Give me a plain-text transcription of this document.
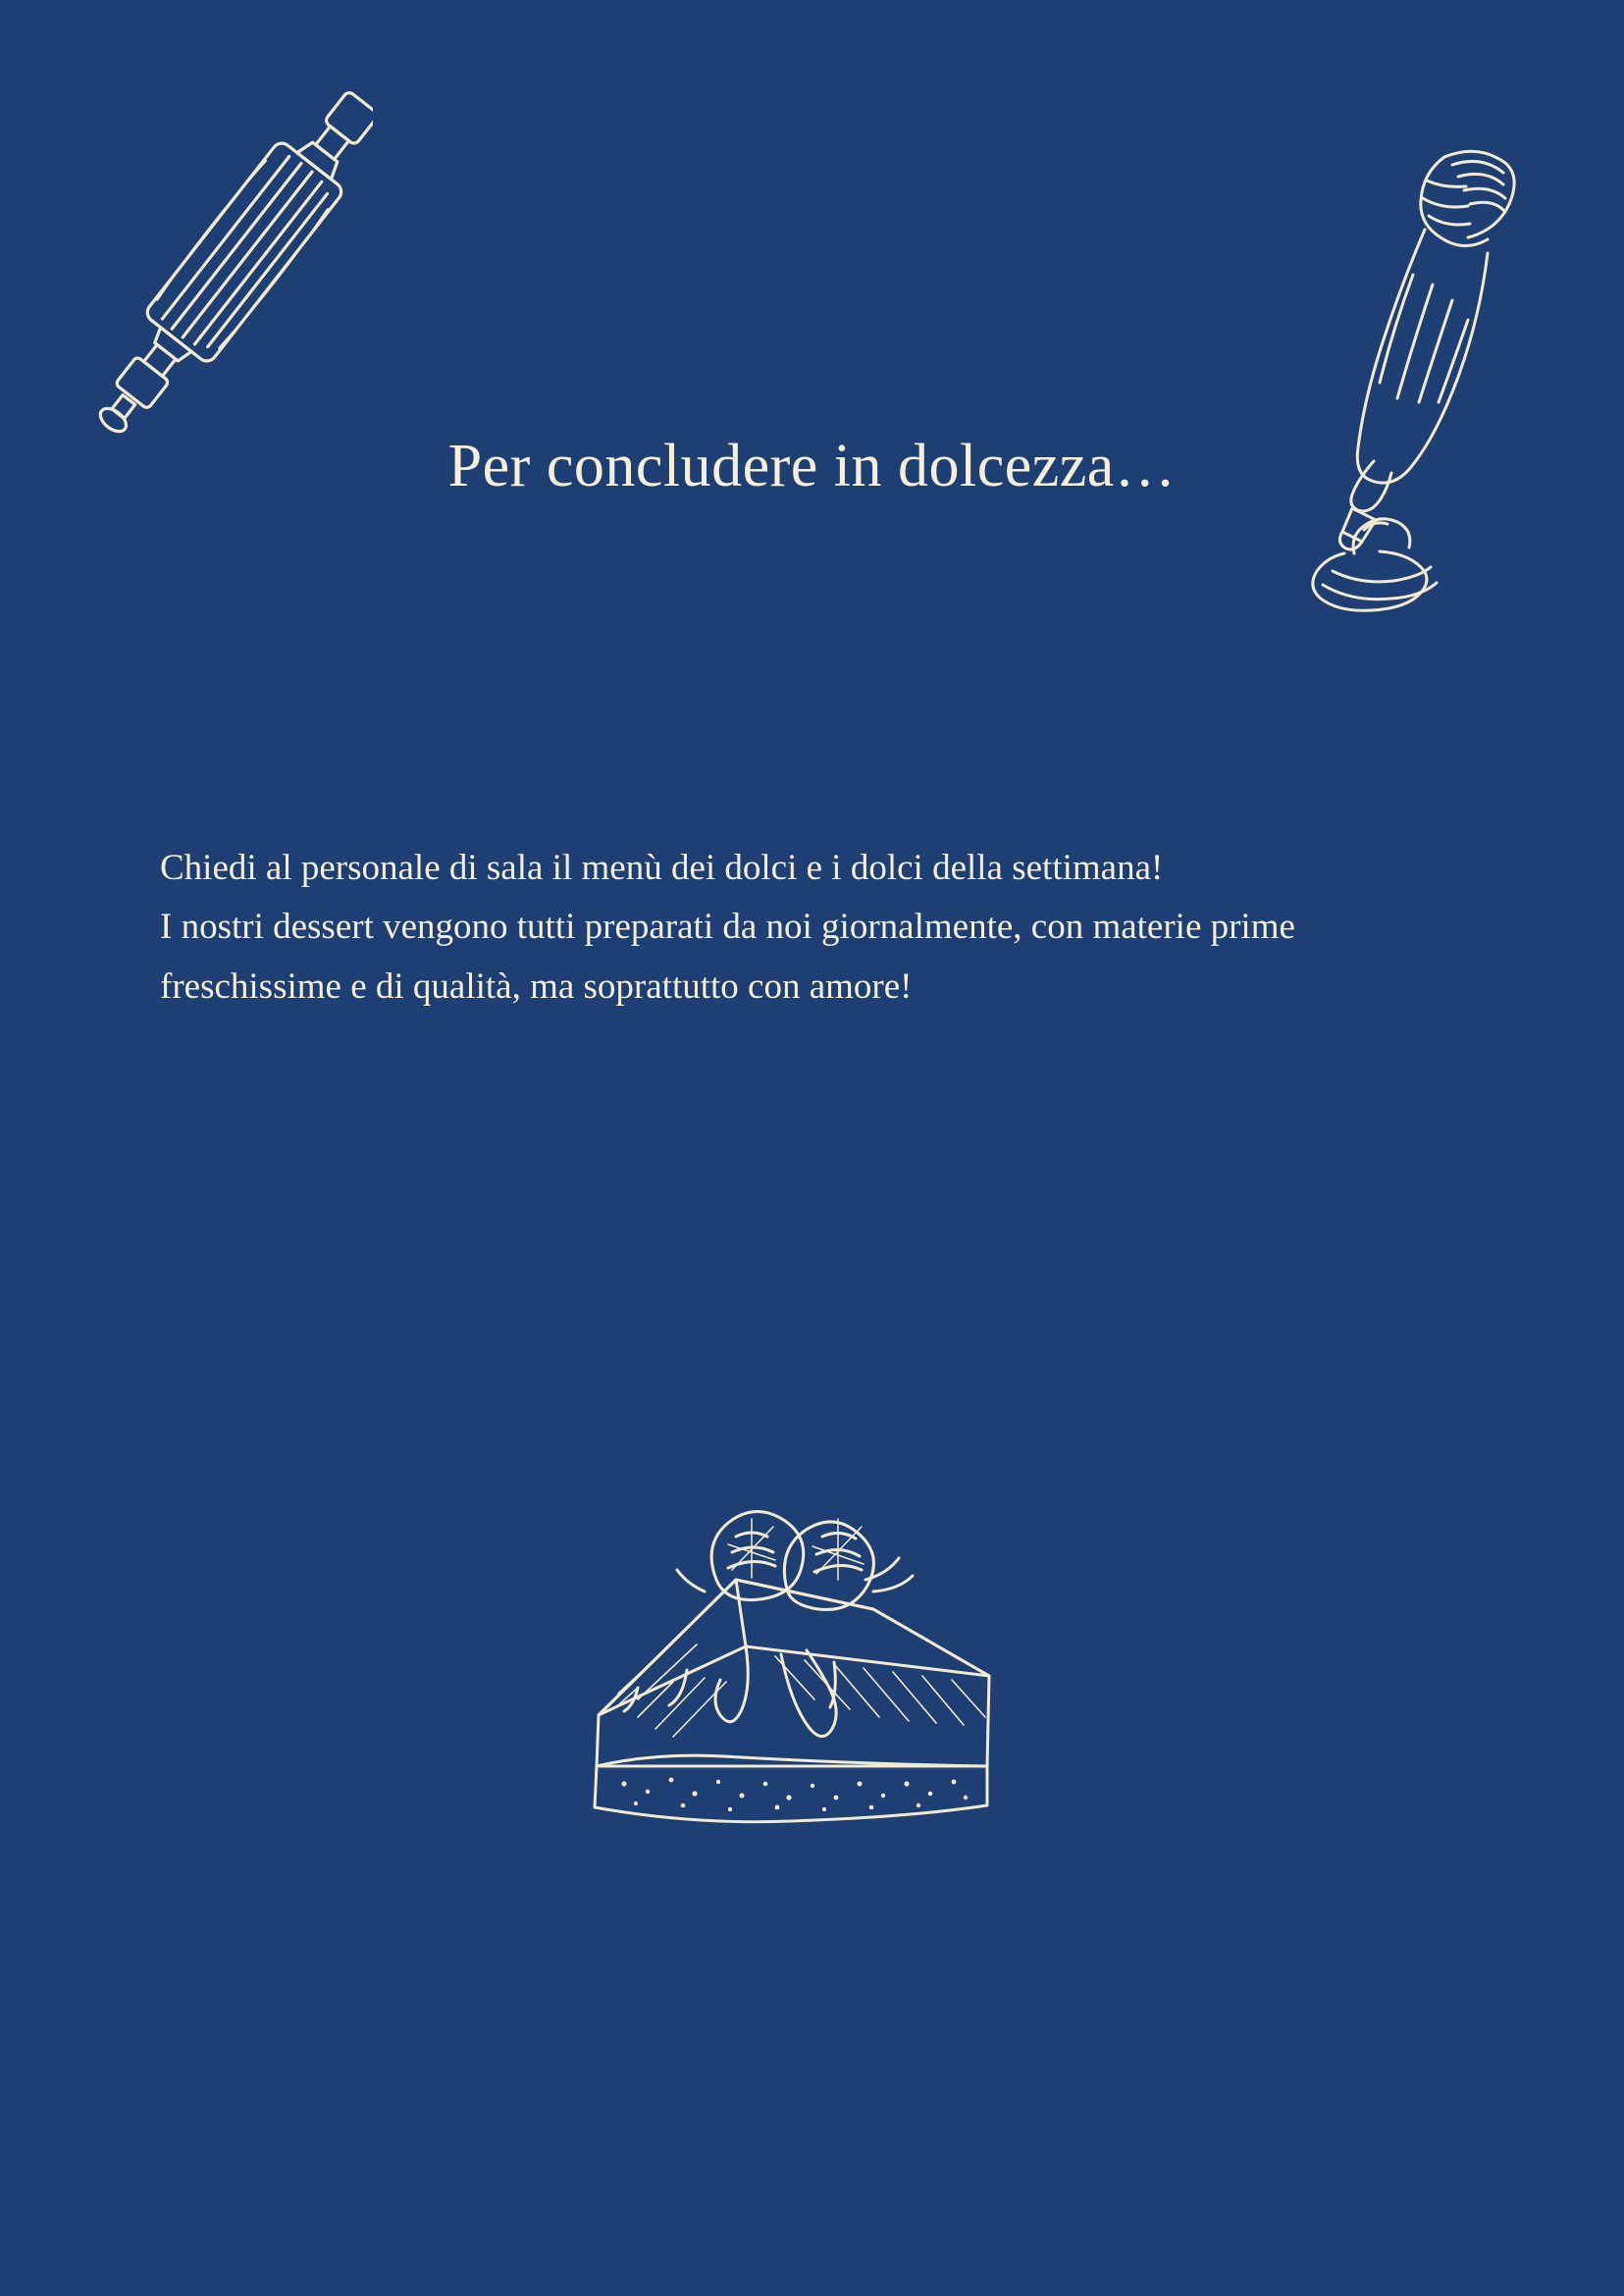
Per concludere in dolcezza…

Chiedi al personale di sala il menù dei dolci e i dolci della settimana!

I nostri dessert vengono tutti preparati da noi giornalmente, con materie prime freschissime e di qualità, ma soprattutto con amore!
